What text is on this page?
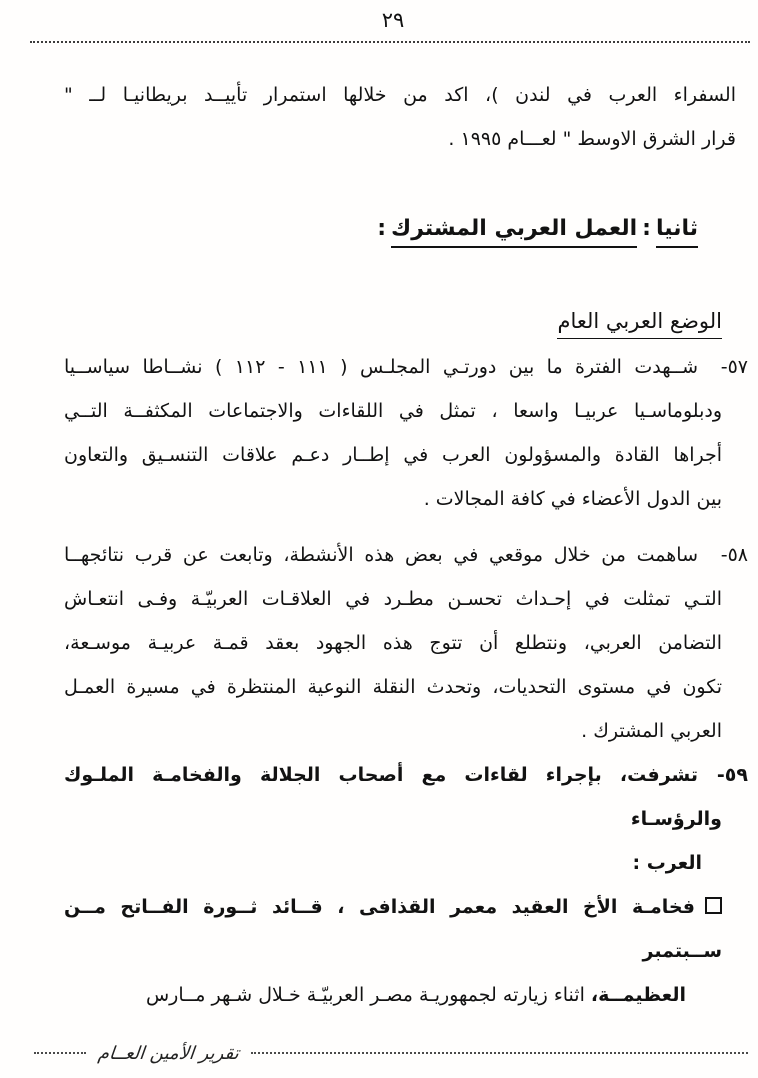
٢٩
السفراء العرب في لندن )، اكد من خلالها استمرار تأييــد بريطانيـا لــ "
قرار الشرق الاوسط " لعـــام ١٩٩٥ .
ثانيا:العمل العربي المشترك:
الوضع العربي العام
٥٧-
شــهدت الفترة ما بين دورتـي المجلـس ( ١١١ - ١١٢ ) نشــاطا سياســيا
ودبلوماسـيا عربيـا واسعا ، تمثل في اللقاءات والاجتماعات المكثفــة التــي
أجراها القادة والمسؤولون العرب في إطــار دعـم علاقات التنسـيق والتعاون
بين الدول الأعضاء في كافة المجالات .
٥٨-
ساهمت من خلال موقعي في بعض هذه الأنشطة، وتابعت عن قرب نتائجهــا
التـي تمثلت في إحـداث تحسـن مطـرد في العلاقـات العربيّـة وفـى انتعـاش
التضامن العربي، ونتطلع أن تتوج هذه الجهود بعقد قمـة عربيـة موسـعة،
تكون في مستوى التحديات، وتحدث النقلة النوعية المنتظرة في مسيرة العمـل
العربي المشترك .
٥٩-
تشرفت، بإجراء لقاءات مع أصحاب الجلالة والفخامـة الملـوك والرؤسـاء
العرب :
فخامـة الأخ العقيد معمر القذافى ، قــائد ثــورة الفــاتح مــن ســبتمبر
العظيمــة، اثناء زيارته لجمهوريـة مصـر العربيّـة خـلال شـهر مــارس
تقرير الأمين العــام
